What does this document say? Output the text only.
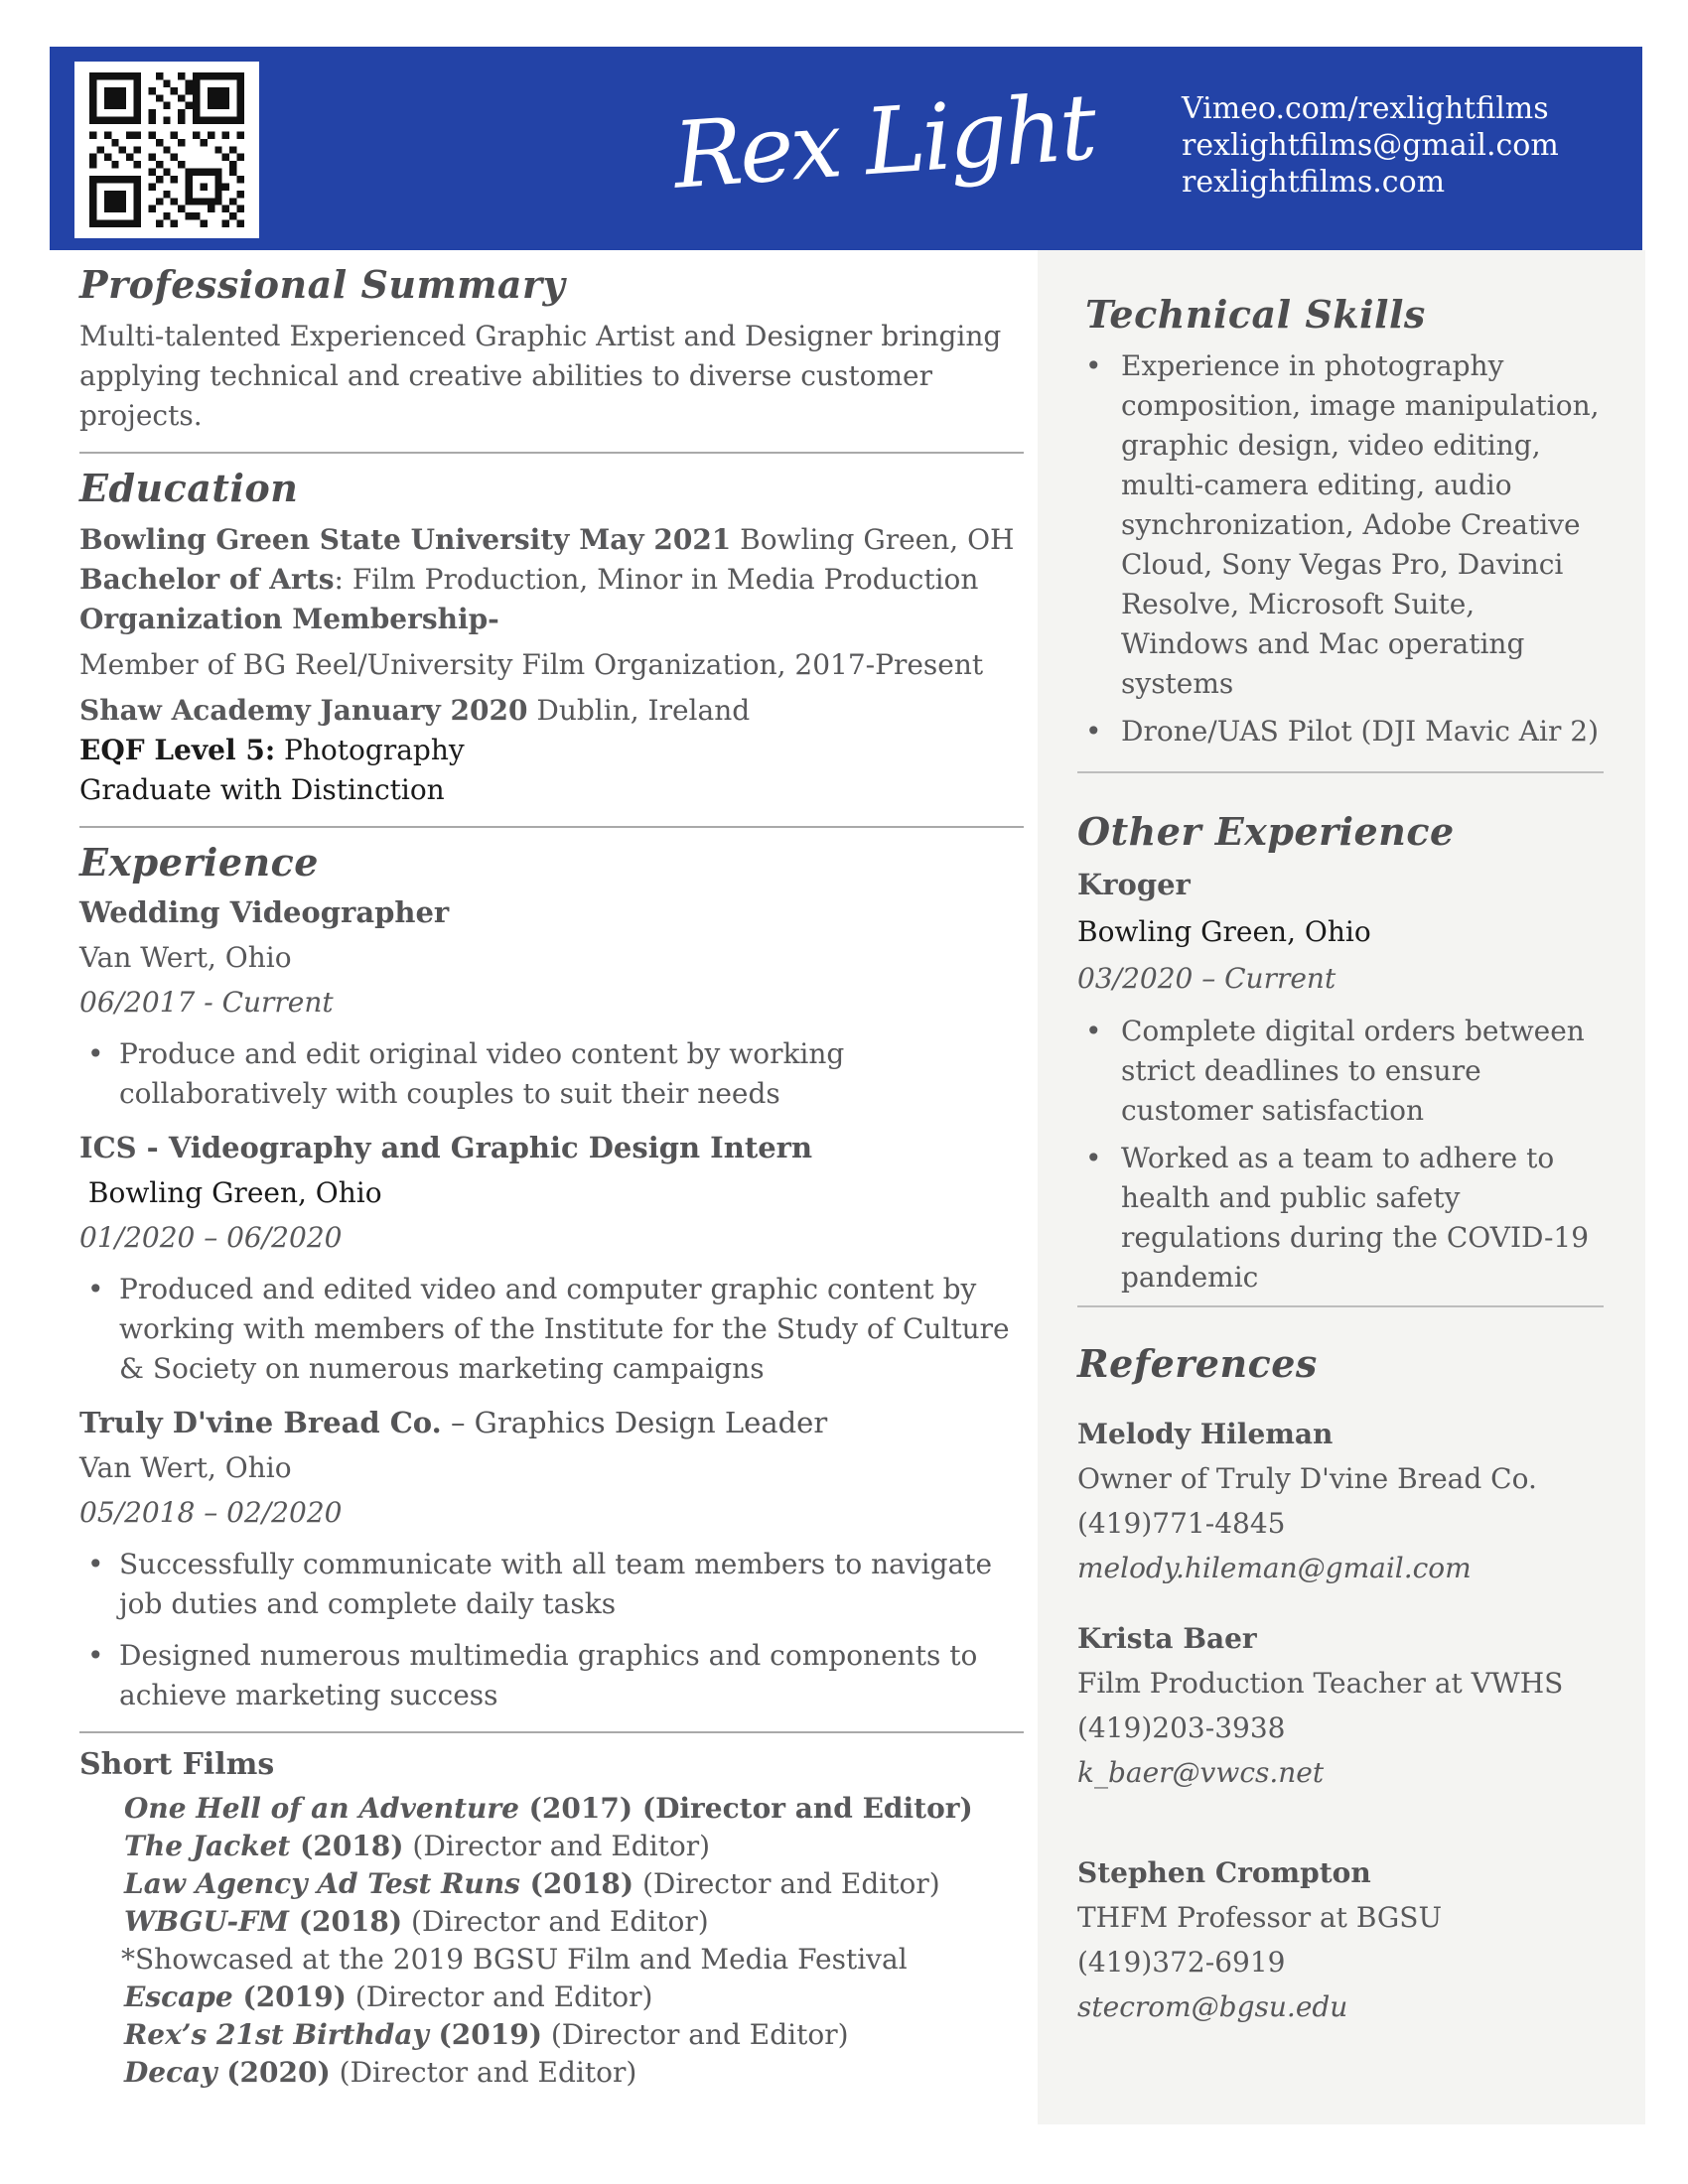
Rex Light	Vimeo.com/rexlightfilms
rexlightfilms@gmail.com
rexlightfilms.com
Professional Summary

Multi-talented Experienced Graphic Artist and Designer bringing applying technical and creative abilities to diverse customer projects.

Education
Bowling Green State University May 2021 Bowling Green, OH
Bachelor of Arts: Film Production, Minor in Media Production
Organization Membership-
Member of BG Reel/University Film Organization, 2017-Present
Shaw Academy January 2020 Dublin, Ireland
EQF Level 5: Photography
Graduate with Distinction
Experience
Wedding Videographer
Van Wert, Ohio
06/2017 - Current
• Produce and edit original video content by working collaboratively with couples to suit their needs
ICS - Videography and Graphic Design Intern
Bowling Green, Ohio
01/2020 – 06/2020
• Produced and edited video and computer graphic content by working with members of the Institute for the Study of Culture & Society on numerous marketing campaigns
Truly D'vine Bread Co. – Graphics Design Leader
Van Wert, Ohio
05/2018 – 02/2020
• Successfully communicate with all team members to navigate job duties and complete daily tasks
• Designed numerous multimedia graphics and components to achieve marketing success
Short Films
One Hell of an Adventure (2017) (Director and Editor)
The Jacket (2018) (Director and Editor)
Law Agency Ad Test Runs (2018) (Director and Editor)
WBGU-FM (2018) (Director and Editor)
*Showcased at the 2019 BGSU Film and Media Festival
Escape (2019) (Director and Editor)
Rex’s 21st Birthday (2019) (Director and Editor)
Decay (2020) (Director and Editor)
Technical Skills
• Experience in photography composition, image manipulation, graphic design, video editing, multi-camera editing, audio synchronization, Adobe Creative Cloud, Sony Vegas Pro, Davinci Resolve, Microsoft Suite, Windows and Mac operating systems
• Drone/UAS Pilot (DJI Mavic Air 2)
Other Experience
Kroger
Bowling Green, Ohio
03/2020 – Current
• Complete digital orders between strict deadlines to ensure customer satisfaction
• Worked as a team to adhere to health and public safety regulations during the COVID-19 pandemic
References
Melody Hileman
Owner of Truly D'vine Bread Co.
(419)771-4845
melody.hileman@gmail.com
Krista Baer
Film Production Teacher at VWHS
(419)203-3938
k_baer@vwcs.net
Stephen Crompton
THFM Professor at BGSU
(419)372-6919
stecrom@bgsu.edu
